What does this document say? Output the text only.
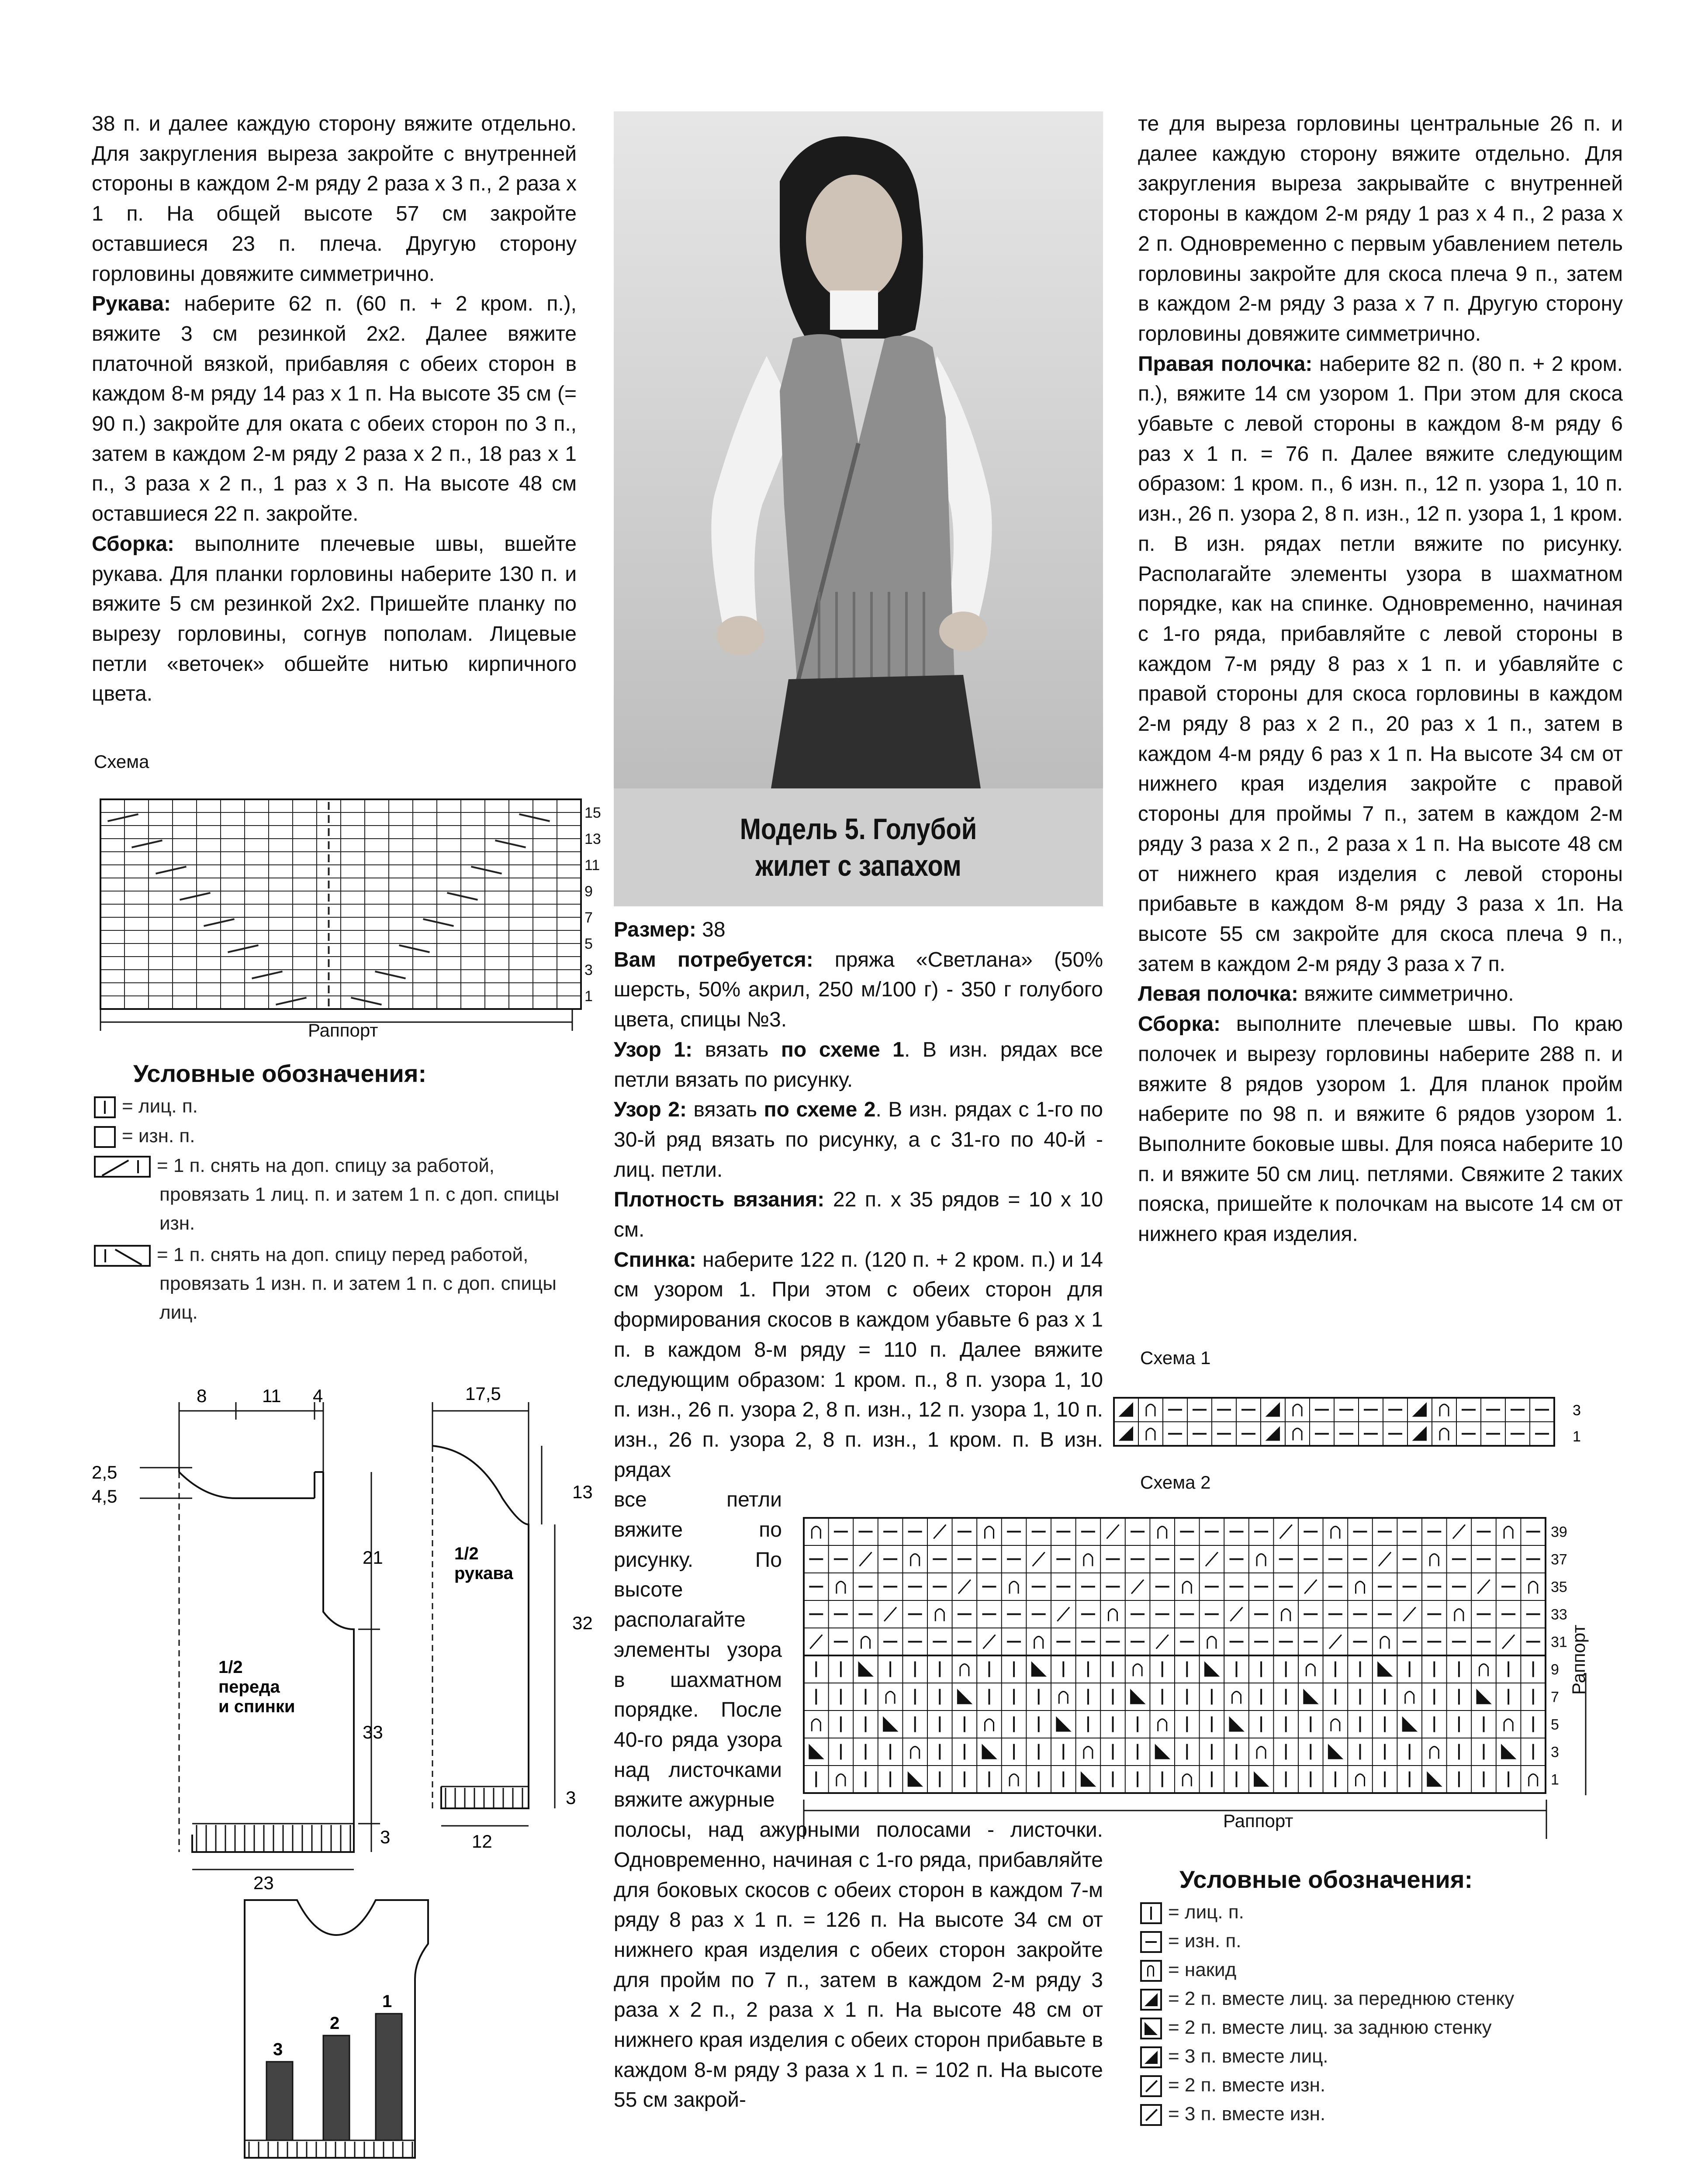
38 п. и далее каждую сторону вяжите отдельно. Для закругления выреза закройте с внутренней стороны в каждом 2-м ряду 2 раза х 3 п., 2 раза х 1 п. На общей высоте 57 см закройте оставшиеся 23 п. плеча. Другую сторону горловины довяжите симметрично.

Рукава: наберите 62 п. (60 п. + 2 кром. п.), вяжите 3 см резинкой 2х2. Далее вяжите платочной вязкой, прибавляя с обеих сторон в каждом 8-м ряду 14 раз х 1 п. На высоте 35 см (= 90 п.) закройте для оката с обеих сторон по 3 п., затем в каждом 2-м ряду 2 раза х 2 п., 18 раз х 1 п., 3 раза х 2 п., 1 раз х 3 п. На высоте 48 см оставшиеся 22 п. закройте.

Сборка: выполните плечевые швы, вшейте рукава. Для планки горловины наберите 130 п. и вяжите 5 см резинкой 2х2. Пришейте планку по вырезу горловины, согнув пополам. Лицевые петли «веточек» обшейте нитью кирпичного цвета.

Схема
15
13
11
9
7
5
3
1
Раппорт
Условные обозначения:
= лиц. п.
= изн. п.
= 1 п. снять на доп. спицу за работой, провязать 1 лиц. п. и затем 1 п. с доп. спицы изн.
= 1 п. снять на доп. спицу перед работой, провязать 1 изн. п. и затем 1 п. с доп. спицы лиц.
8	11 4
2,5
4,5
21
33
3
23
1/2
переда
и спинки
17,5
13
32
3
12
1/2
рукава
3
2
1
Модель 5. Голубой жилет с запахом

Размер: 38

Вам потребуется: пряжа «Светлана» (50% шерсть, 50% акрил, 250 м/100 г) - 350 г голубого цвета, спицы №3.

Узор 1: вязать по схеме 1. В изн. рядах все петли вязать по рисунку.

Узор 2: вязать по схеме 2. В изн. рядах с 1-го по 30-й ряд вязать по рисунку, а с 31-го по 40-й - лиц. петли.

Плотность вязания: 22 п. х 35 рядов = 10 х 10 см.

Спинка: наберите 122 п. (120 п. + 2 кром. п.) и 14 см узором 1. При этом с обеих сторон для формирования скосов в каждом убавьте 6 раз х 1 п. в каждом 8-м ряду = 110 п. Далее вяжите следующим образом: 1 кром. п., 8 п. узора 1, 10 п. изн., 26 п. узора 2, 8 п. изн., 12 п. узора 1, 10 п. изн., 26 п. узора 2, 8 п. изн., 1 кром. п. В изн. рядах

все петли вяжите по рисунку. По высоте располагайте элементы узора в шахматном порядке. После 40-го ряда узора над листочками вяжите ажурные

полосы, над ажурными полосами - листочки. Одновременно, начиная с 1-го ряда, прибавляйте для боковых скосов с обеих сторон в каждом 7-м ряду 8 раз х 1 п. = 126 п. На высоте 34 см от нижнего края изделия с обеих сторон закройте для пройм по 7 п., затем в каждом 2-м ряду 3 раза х 2 п., 2 раза х 1 п. На высоте 48 см от нижнего края изделия с обеих сторон прибавьте в каждом 8-м ряду 3 раза х 1 п. = 102 п. На высоте 55 см закрой-

те для выреза горловины центральные 26 п. и далее каждую сторону вяжите отдельно. Для закругления выреза закрывайте с внутренней стороны в каждом 2-м ряду 1 раз х 4 п., 2 раза х 2 п. Одновременно с первым убавлением петель горловины закройте для скоса плеча 9 п., затем в каждом 2-м ряду 3 раза х 7 п. Другую сторону горловины довяжите симметрично.

Правая полочка: наберите 82 п. (80 п. + 2 кром. п.), вяжите 14 см узором 1. При этом для скоса убавьте с левой стороны в каждом 8-м ряду 6 раз х 1 п. = 76 п. Далее вяжите следующим образом: 1 кром. п., 6 изн. п., 12 п. узора 1, 10 п. изн., 26 п. узора 2, 8 п. изн., 12 п. узора 1, 1 кром. п. В изн. рядах петли вяжите по рисунку. Располагайте элементы узора в шахматном порядке, как на спинке. Одновременно, начиная с 1-го ряда, прибавляйте с левой стороны в каждом 7-м ряду 8 раз х 1 п. и убавляйте с правой стороны для скоса горловины в каждом 2-м ряду 8 раз х 2 п., 20 раз х 1 п., затем в каждом 4-м ряду 6 раз х 1 п. На высоте 34 см от нижнего края изделия закройте с правой стороны для проймы 7 п., затем в каждом 2-м ряду 3 раза х 2 п., 2 раза х 1 п. На высоте 48 см от нижнего края изделия с левой стороны прибавьте в каждом 8-м ряду 3 раза х 1п. На высоте 55 см закройте для скоса плеча 9 п., затем в каждом 2-м ряду 3 раза х 7 п.

Левая полочка: вяжите симметрично.

Сборка: выполните плечевые швы. По краю полочек и вырезу горловины наберите 288 п. и вяжите 8 рядов узором 1. Для планок пройм наберите по 98 п. и вяжите 6 рядов узором 1. Выполните боковые швы. Для пояса наберите 10 п. и вяжите 50 см лиц. петлями. Свяжите 2 таких пояска, пришейте к полочкам на высоте 14 см от нижнего края изделия.

Схема 1
3
1
Схема 2
39
37
35
33
31
9
7
5
3
1
Раппорт
Раппорт
Условные обозначения:
= лиц. п.
= изн. п.
= накид
= 2 п. вместе лиц. за переднюю стенку
= 2 п. вместе лиц. за заднюю стенку
= 3 п. вместе лиц.
= 2 п. вместе изн.
= 3 п. вместе изн.
